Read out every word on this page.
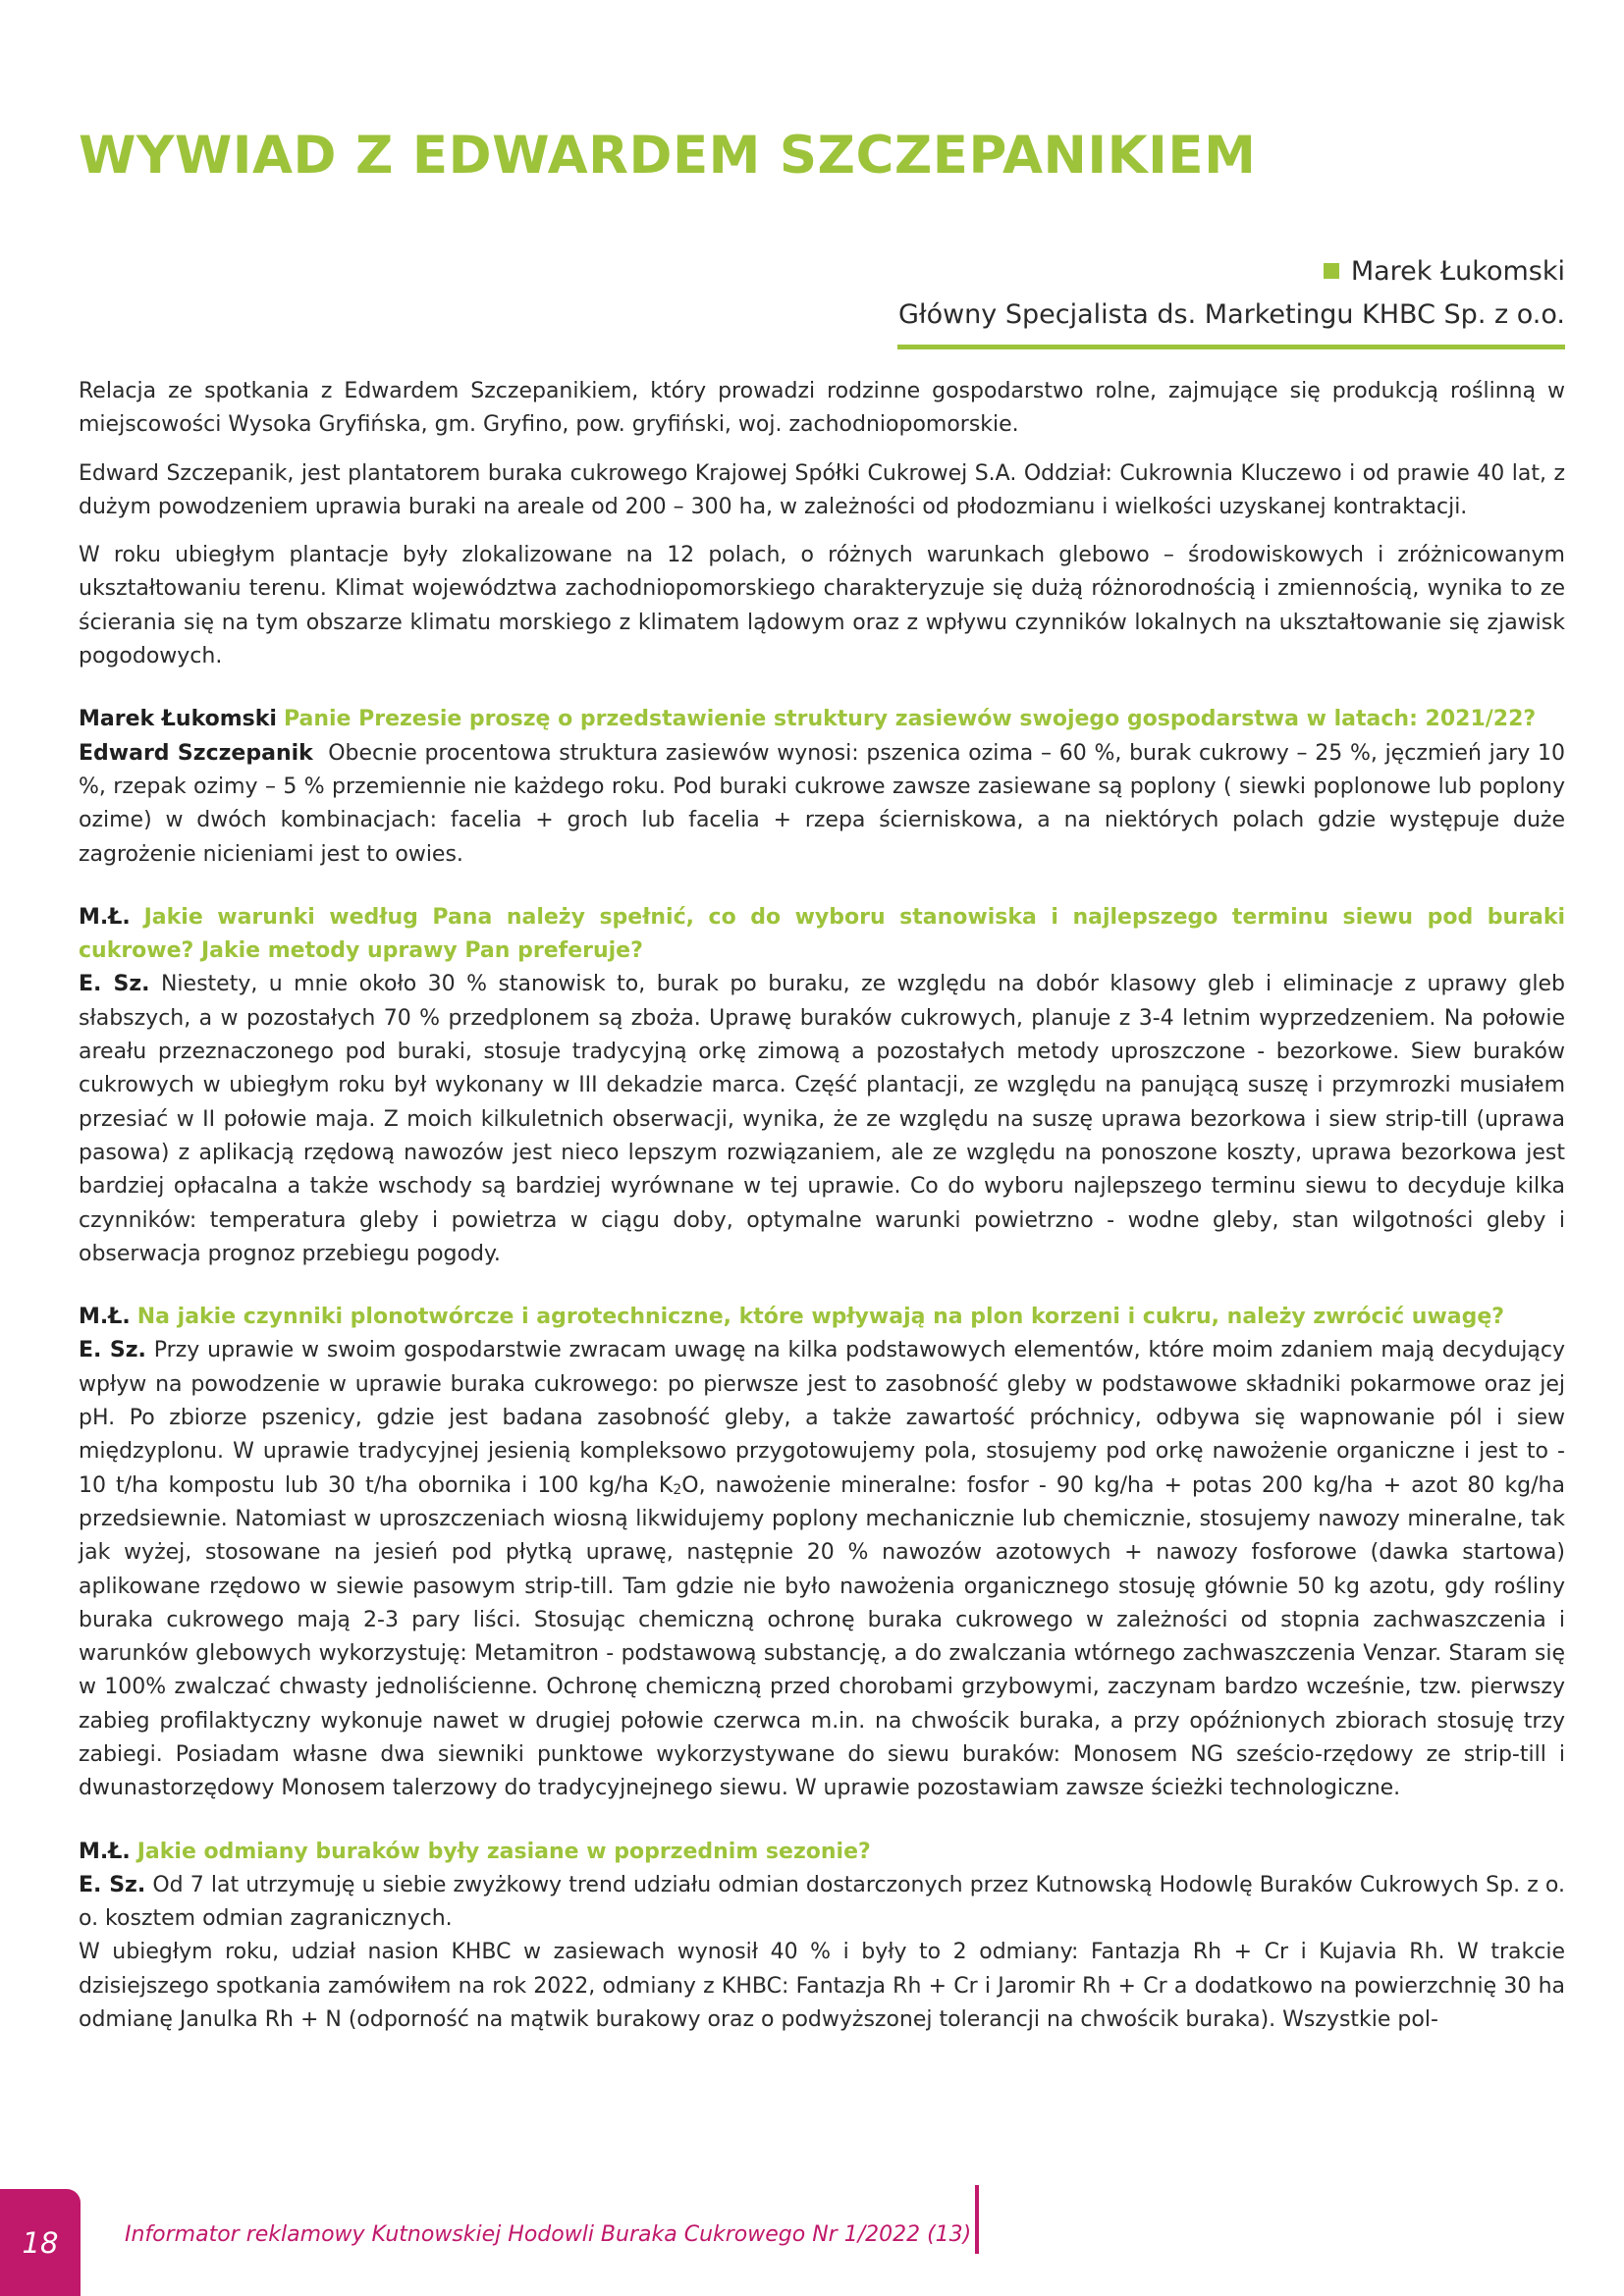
WYWIAD Z EDWARDEM SZCZEPANIKIEM
Marek Łukomski
Główny Specjalista ds. Marketingu KHBC Sp. z o.o.

Relacja ze spotkania z Edwardem Szczepanikiem, który prowadzi rodzinne gospodarstwo rolne, zajmujące się produkcją roślinną w miejscowości Wysoka Gryfińska, gm. Gryfino, pow. gryfiński, woj. zachodniopomorskie.

Edward Szczepanik, jest plantatorem buraka cukrowego Krajowej Spółki Cukrowej S.A. Oddział: Cukrownia Kluczewo i od prawie 40 lat, z dużym powodzeniem uprawia buraki na areale od 200 – 300 ha, w zależności od płodozmianu i wielkości uzyskanej kontraktacji.

W roku ubiegłym plantacje były zlokalizowane na 12 polach, o różnych warunkach glebowo – środowiskowych i zróżnicowanym ukształtowaniu terenu. Klimat województwa zachodniopomorskiego charakteryzuje się dużą różnorodnością i zmiennością, wynika to ze ścierania się na tym obszarze klimatu morskiego z klimatem lądowym oraz z wpływu czynników lokalnych na ukształtowanie się zjawisk pogodowych.

Marek Łukomski Panie Prezesie proszę o przedstawienie struktury zasiewów swojego gospodarstwa w latach: 2021/22?

Edward Szczepanik Obecnie procentowa struktura zasiewów wynosi: pszenica ozima – 60 %, burak cukrowy – 25 %, jęczmień jary 10 %, rzepak ozimy – 5 % przemiennie nie każdego roku. Pod buraki cukrowe zawsze zasiewane są poplony ( siewki poplonowe lub poplony ozime) w dwóch kombinacjach: facelia + groch lub facelia + rzepa ścierniskowa, a na niektórych polach gdzie występuje duże zagrożenie nicieniami jest to owies.

M.Ł. Jakie warunki według Pana należy spełnić, co do wyboru stanowiska i najlepszego terminu siewu pod buraki cukrowe? Jakie metody uprawy Pan preferuje?

E. Sz. Niestety, u mnie około 30 % stanowisk to, burak po buraku, ze względu na dobór klasowy gleb i eliminacje z uprawy gleb słabszych, a w pozostałych 70 % przedplonem są zboża. Uprawę buraków cukrowych, planuje z 3-4 letnim wyprzedzeniem. Na połowie areału przeznaczonego pod buraki, stosuje tradycyjną orkę zimową a pozostałych metody uproszczone - bezorkowe. Siew buraków cukrowych w ubiegłym roku był wykonany w III dekadzie marca. Część plantacji, ze względu na panującą suszę i przymrozki musiałem przesiać w II połowie maja. Z moich kilkuletnich obserwacji, wynika, że ze względu na suszę uprawa bezorkowa i siew strip-till (uprawa pasowa) z aplikacją rzędową nawozów jest nieco lepszym rozwiązaniem, ale ze względu na ponoszone koszty, uprawa bezorkowa jest bardziej opłacalna a także wschody są bardziej wyrównane w tej uprawie. Co do wyboru najlepszego terminu siewu to decyduje kilka czynników: temperatura gleby i powietrza w ciągu doby, optymalne warunki powietrzno - wodne gleby, stan wilgotności gleby i obserwacja prognoz przebiegu pogody.

M.Ł. Na jakie czynniki plonotwórcze i agrotechniczne, które wpływają na plon korzeni i cukru, należy zwrócić uwagę?

E. Sz. Przy uprawie w swoim gospodarstwie zwracam uwagę na kilka podstawowych elementów, które moim zdaniem mają decydujący wpływ na powodzenie w uprawie buraka cukrowego: po pierwsze jest to zasobność gleby w podstawowe składniki pokarmowe oraz jej pH. Po zbiorze pszenicy, gdzie jest badana zasobność gleby, a także zawartość próchnicy, odbywa się wapnowanie pól i siew międzyplonu. W uprawie tradycyjnej jesienią kompleksowo przygotowujemy pola, stosujemy pod orkę nawożenie organiczne i jest to - 10 t/ha kompostu lub 30 t/ha obornika i 100 kg/ha $K_2O$, nawożenie mineralne: fosfor - 90 kg/ha + potas 200 kg/ha + azot 80 kg/ha przedsiewnie. Natomiast w uproszczeniach wiosną likwidujemy poplony mechanicznie lub chemicznie, stosujemy nawozy mineralne, tak jak wyżej, stosowane na jesień pod płytką uprawę, następnie 20 % nawozów azotowych + nawozy fosforowe (dawka startowa) aplikowane rzędowo w siewie pasowym strip-till. Tam gdzie nie było nawożenia organicznego stosuję głównie 50 kg azotu, gdy rośliny buraka cukrowego mają 2-3 pary liści. Stosując chemiczną ochronę buraka cukrowego w zależności od stopnia zachwaszczenia i warunków glebowych wykorzystuję: Metamitron - podstawową substancję, a do zwalczania wtórnego zachwaszczenia Venzar. Staram się w 100% zwalczać chwasty jednoliścienne. Ochronę chemiczną przed chorobami grzybowymi, zaczynam bardzo wcześnie, tzw. pierwszy zabieg profilaktyczny wykonuje nawet w drugiej połowie czerwca m.in. na chwościk buraka, a przy opóźnionych zbiorach stosuję trzy zabiegi. Posiadam własne dwa siewniki punktowe wykorzystywane do siewu buraków: Monosem NG sześcio-rzędowy ze strip-till i dwunastorzędowy Monosem talerzowy do tradycyjnejnego siewu. W uprawie pozostawiam zawsze ścieżki technologiczne.

M.Ł. Jakie odmiany buraków były zasiane w poprzednim sezonie?

E. Sz. Od 7 lat utrzymuję u siebie zwyżkowy trend udziału odmian dostarczonych przez Kutnowską Hodowlę Buraków Cukrowych Sp. z o. o. kosztem odmian zagranicznych.

W ubiegłym roku, udział nasion KHBC w zasiewach wynosił 40 % i były to 2 odmiany: Fantazja Rh + Cr i Kujavia Rh. W trakcie dzisiejszego spotkania zamówiłem na rok 2022, odmiany z KHBC: Fantazja Rh + Cr i Jaromir Rh + Cr a dodatkowo na powierzchnię 30 ha odmianę Janulka Rh + N (odporność na mątwik burakowy oraz o podwyższonej tolerancji na chwościk buraka). Wszystkie pol-

18	Informator reklamowy Kutnowskiej Hodowli Buraka Cukrowego Nr 1/2022 (13)
